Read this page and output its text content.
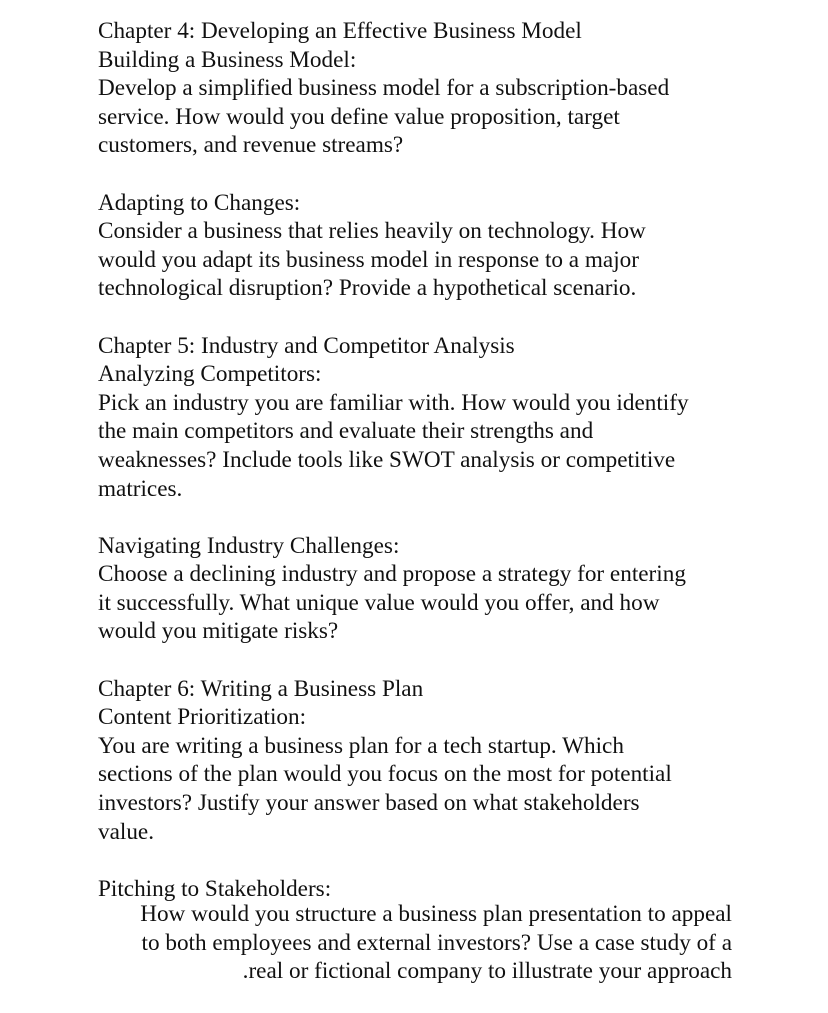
Chapter 4: Developing an Effective Business Model
Building a Business Model:
Develop a simplified business model for a subscription-based
service. How would you define value proposition, target
customers, and revenue streams?
Adapting to Changes:
Consider a business that relies heavily on technology. How
would you adapt its business model in response to a major
technological disruption? Provide a hypothetical scenario.
Chapter 5: Industry and Competitor Analysis
Analyzing Competitors:
Pick an industry you are familiar with. How would you identify
the main competitors and evaluate their strengths and
weaknesses? Include tools like SWOT analysis or competitive
matrices.
Navigating Industry Challenges:
Choose a declining industry and propose a strategy for entering
it successfully. What unique value would you offer, and how
would you mitigate risks?
Chapter 6: Writing a Business Plan
Content Prioritization:
You are writing a business plan for a tech startup. Which
sections of the plan would you focus on the most for potential
investors? Justify your answer based on what stakeholders
value.
Pitching to Stakeholders:
How would you structure a business plan presentation to appeal
to both employees and external investors? Use a case study of a
.real or fictional company to illustrate your approach
